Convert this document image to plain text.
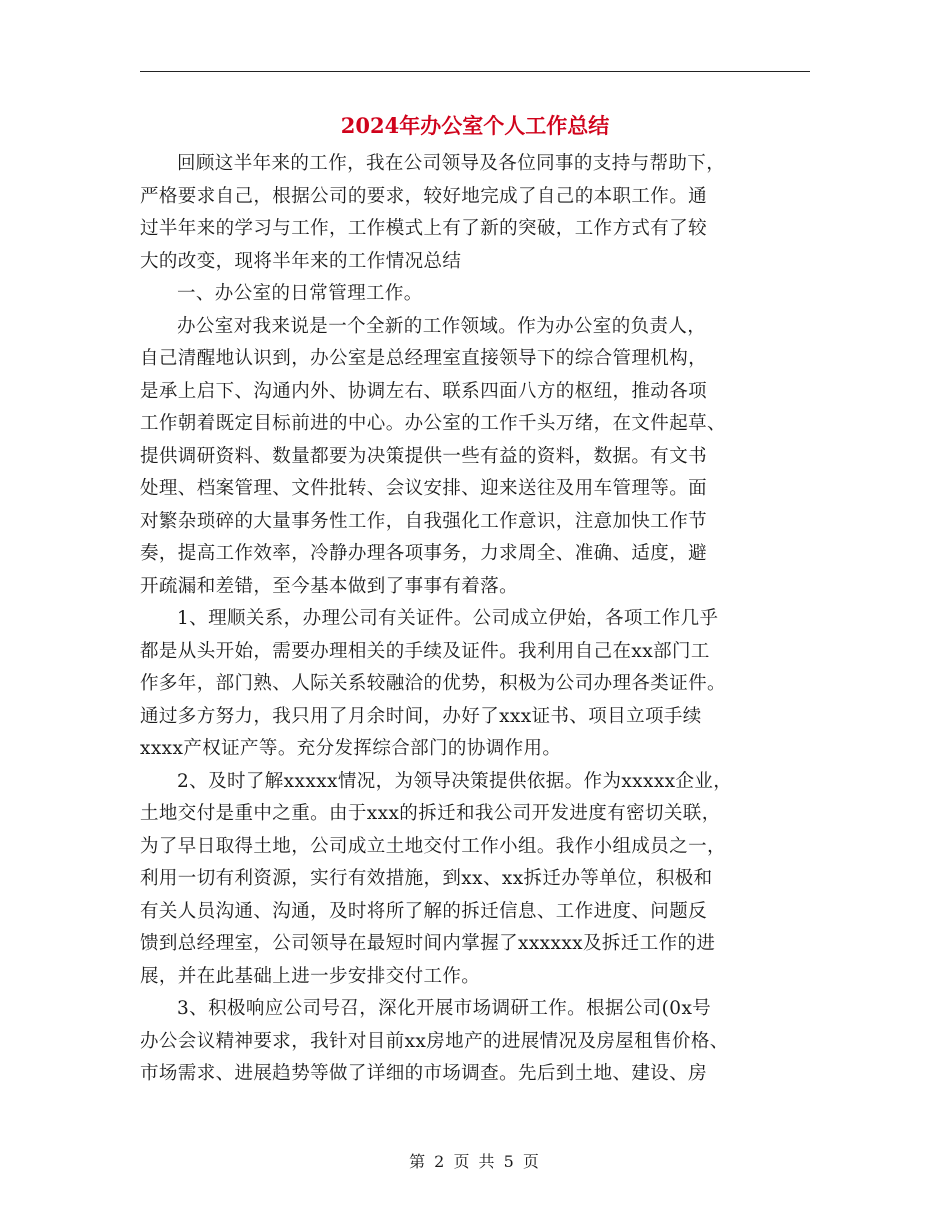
2024年办公室个人工作总结

回顾这半年来的工作，我在公司领导及各位同事的支持与帮助下，
严格要求自己，根据公司的要求，较好地完成了自己的本职工作。通
过半年来的学习与工作，工作模式上有了新的突破，工作方式有了较
大的改变，现将半年来的工作情况总结

一、办公室的日常管理工作。

办公室对我来说是一个全新的工作领域。作为办公室的负责人，
自己清醒地认识到，办公室是总经理室直接领导下的综合管理机构，
是承上启下、沟通内外、协调左右、联系四面八方的枢纽，推动各项
工作朝着既定目标前进的中心。办公室的工作千头万绪，在文件起草、
提供调研资料、数量都要为决策提供一些有益的资料，数据。有文书
处理、档案管理、文件批转、会议安排、迎来送往及用车管理等。面
对繁杂琐碎的大量事务性工作，自我强化工作意识，注意加快工作节
奏，提高工作效率，冷静办理各项事务，力求周全、准确、适度，避
开疏漏和差错，至今基本做到了事事有着落。

1、理顺关系，办理公司有关证件。公司成立伊始，各项工作几乎
都是从头开始，需要办理相关的手续及证件。我利用自己在xx部门工
作多年，部门熟、人际关系较融洽的优势，积极为公司办理各类证件。
通过多方努力，我只用了月余时间，办好了xxx证书、项目立项手续
xxxx产权证产等。充分发挥综合部门的协调作用。

2、及时了解xxxxx情况，为领导决策提供依据。作为xxxxx企业，
土地交付是重中之重。由于xxx的拆迁和我公司开发进度有密切关联，
为了早日取得土地，公司成立土地交付工作小组。我作小组成员之一，
利用一切有利资源，实行有效措施，到xx、xx拆迁办等单位，积极和
有关人员沟通、沟通，及时将所了解的拆迁信息、工作进度、问题反
馈到总经理室，公司领导在最短时间内掌握了xxxxxx及拆迁工作的进
展，并在此基础上进一步安排交付工作。

3、积极响应公司号召，深化开展市场调研工作。根据公司(0x号
办公会议精神要求，我针对目前xx房地产的进展情况及房屋租售价格、
市场需求、进展趋势等做了详细的市场调查。先后到土地、建设、房

第 2 页 共 5 页
